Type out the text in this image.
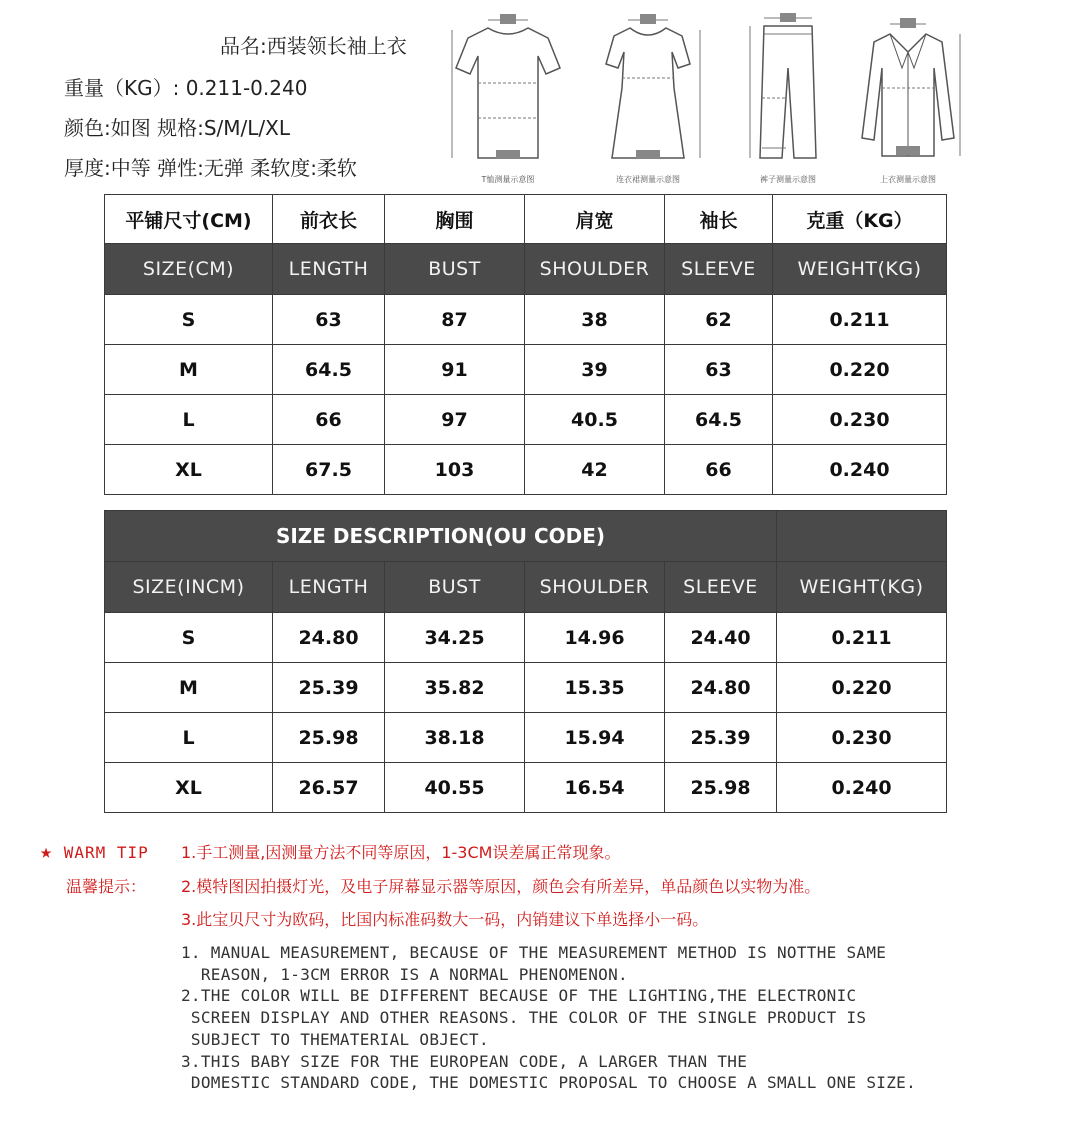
品名:西装领长袖上衣
重量（KG）: 0.211-0.240
颜色:如图 规格:S/M/L/XL
厚度:中等 弹性:无弹 柔软度:柔软	T恤测量示意图	连衣裙测量示意图	裤子测量示意图	上衣测量示意图
平铺尺寸(CM)	前衣长	胸围	肩宽	袖长	克重（KG）
SIZE(CM)	LENGTH	BUST	SHOULDER	SLEEVE	WEIGHT(KG)
S	63	87	38	62	0.211
M	64.5	91	39	63	0.220
L	66	97	40.5	64.5	0.230
XL	67.5	103	42	66	0.240
SIZE DESCRIPTION(OU CODE)					
SIZE(INCM)	LENGTH	BUST	SHOULDER	SLEEVE	WEIGHT(KG)
S	24.80	34.25	14.96	24.40	0.211
M	25.39	35.82	15.35	24.80	0.220
L	25.98	38.18	15.94	25.39	0.230
XL	26.57	40.55	16.54	25.98	0.240
★ WARM TIP
温馨提示：
1.手工测量,因测量方法不同等原因，1-3CM误差属正常现象。
2.模特图因拍摄灯光，及电子屏幕显示器等原因，颜色会有所差异，单品颜色以实物为准。
3.此宝贝尺寸为欧码，比国内标准码数大一码，内销建议下单选择小一码。
1. MANUAL MEASUREMENT, BECAUSE OF THE MEASUREMENT METHOD IS NOTTHE SAME
REASON, 1-3CM ERROR IS A NORMAL PHENOMENON.
2.THE COLOR WILL BE DIFFERENT BECAUSE OF THE LIGHTING,THE ELECTRONIC
SCREEN DISPLAY AND OTHER REASONS. THE COLOR OF THE SINGLE PRODUCT IS
SUBJECT TO THEMATERIAL OBJECT.
3.THIS BABY SIZE FOR THE EUROPEAN CODE, A LARGER THAN THE
DOMESTIC STANDARD CODE, THE DOMESTIC PROPOSAL TO CHOOSE A SMALL ONE SIZE.
